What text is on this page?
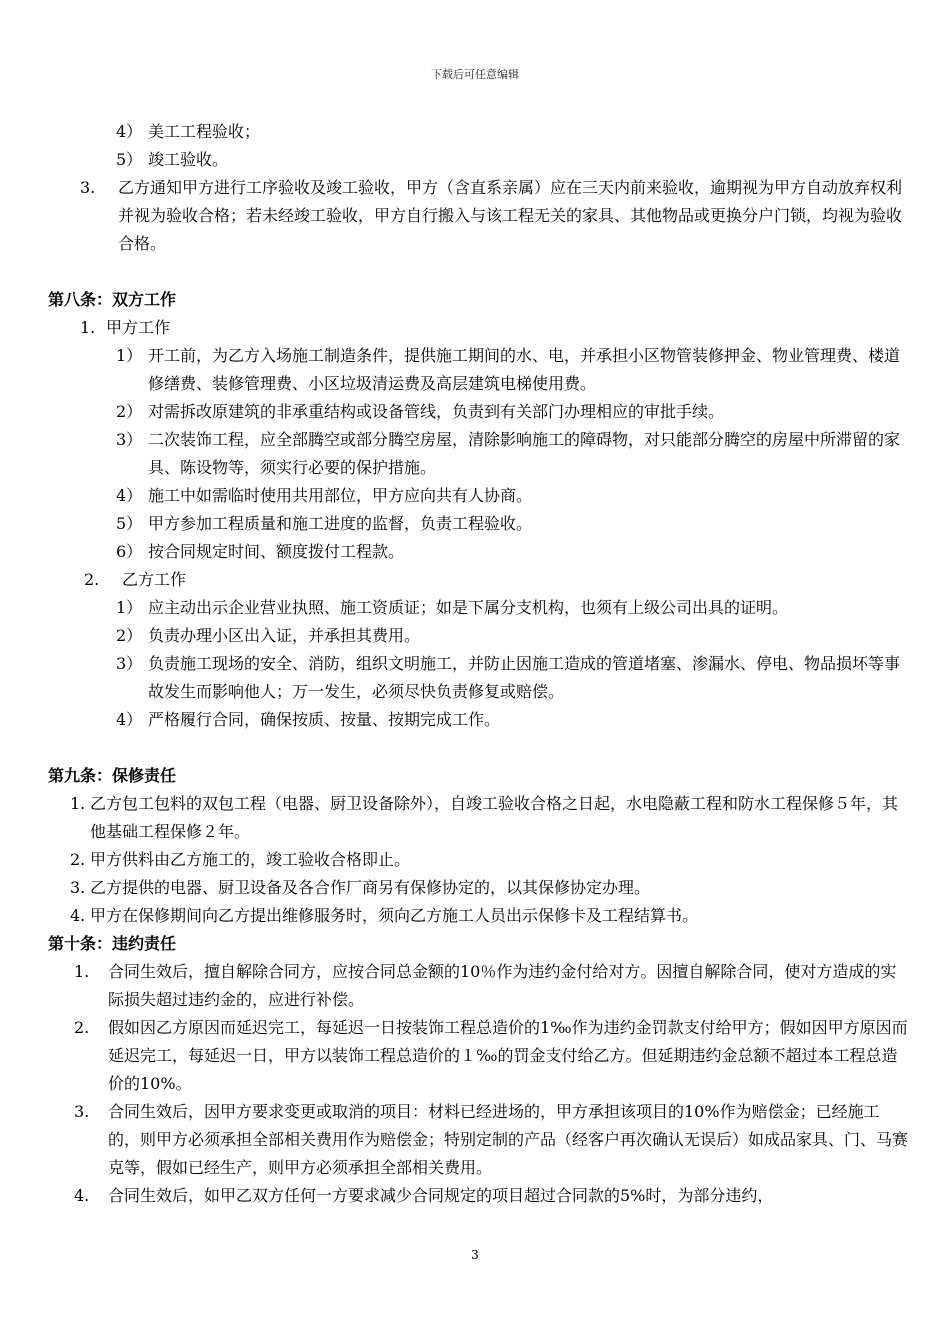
下载后可任意编辑
4） 美工工程验收；
5） 竣工验收。
3.	乙方通知甲方进行工序验收及竣工验收，甲方（含直系亲属）应在三天内前来验收，逾期视为甲方自动放弃权利并视为验收合格；若未经竣工验收，甲方自行搬入与该工程无关的家具、其他物品或更换分户门锁，均视为验收合格。
第八条：双方工作
1. 甲方工作
1） 开工前，为乙方入场施工制造条件，提供施工期间的水、电，并承担小区物管装修押金、物业管理费、楼道修缮费、装修管理费、小区垃圾清运费及高层建筑电梯使用费。
2） 对需拆改原建筑的非承重结构或设备管线，负责到有关部门办理相应的审批手续。
3） 二次装饰工程，应全部腾空或部分腾空房屋，清除影响施工的障碍物，对只能部分腾空的房屋中所滞留的家具、陈设物等，须实行必要的保护措施。
4） 施工中如需临时使用共用部位，甲方应向共有人协商。
5） 甲方参加工程质量和施工进度的监督，负责工程验收。
6） 按合同规定时间、额度拨付工程款。
2. 乙方工作
1） 应主动出示企业营业执照、施工资质证；如是下属分支机构，也须有上级公司出具的证明。
2） 负责办理小区出入证，并承担其费用。
3） 负责施工现场的安全、消防，组织文明施工，并防止因施工造成的管道堵塞、渗漏水、停电、物品损坏等事故发生而影响他人；万一发生，必须尽快负责修复或赔偿。
4） 严格履行合同，确保按质、按量、按期完成工作。
第九条：保修责任
1. 乙方包工包料的双包工程（电器、厨卫设备除外），自竣工验收合格之日起，水电隐蔽工程和防水工程保修５年，其他基础工程保修２年。
2. 甲方供料由乙方施工的，竣工验收合格即止。
3. 乙方提供的电器、厨卫设备及各合作厂商另有保修协定的，以其保修协定办理。
4. 甲方在保修期间向乙方提出维修服务时，须向乙方施工人员出示保修卡及工程结算书。
第十条：违约责任
1.	合同生效后，擅自解除合同方，应按合同总金额的10％作为违约金付给对方。因擅自解除合同，使对方造成的实际损失超过违约金的，应进行补偿。
2.	假如因乙方原因而延迟完工，每延迟一日按装饰工程总造价的1‰作为违约金罚款支付给甲方；假如因甲方原因而延迟完工，每延迟一日，甲方以装饰工程总造价的１‰的罚金支付给乙方。但延期违约金总额不超过本工程总造价的10%。
3.	合同生效后，因甲方要求变更或取消的项目：材料已经进场的，甲方承担该项目的10%作为赔偿金；已经施工的，则甲方必须承担全部相关费用作为赔偿金；特别定制的产品（经客户再次确认无误后）如成品家具、门、马赛克等，假如已经生产，则甲方必须承担全部相关费用。
4.	合同生效后，如甲乙双方任何一方要求减少合同规定的项目超过合同款的5%时，为部分违约，
3
